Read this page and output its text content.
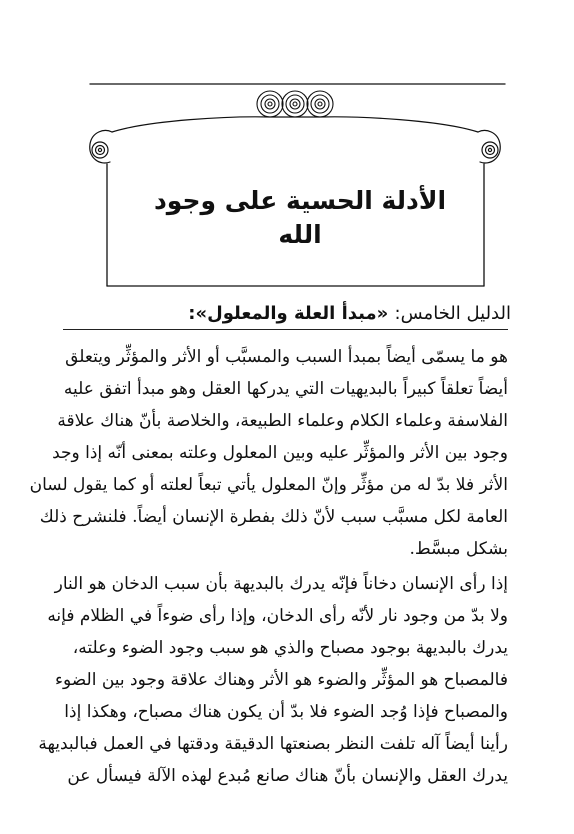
الأدلة الحسية على وجود الله
الدليل الخامس: «مبدأ العلة والمعلول»:
هو ما يسمّى أيضاً بمبدأ السبب والمسبَّب أو الأثر والمؤثِّر ويتعلق
أيضاً تعلقاً كبيراً بالبديهيات التي يدركها العقل وهو مبدأ اتفق عليه
الفلاسفة وعلماء الكلام وعلماء الطبيعة، والخلاصة بأنّ هناك علاقة
وجود بين الأثر والمؤثِّر عليه وبين المعلول وعلته بمعنى أنّه إذا وجد
الأثر فلا بدّ له من مؤثِّر وإنّ المعلول يأتي تبعاً لعلته أو كما يقول لسان
العامة لكل مسبَّب سبب لأنّ ذلك بفطرة الإنسان أيضاً. فلنشرح ذلك
بشكل مبسَّط.
إذا رأى الإنسان دخاناً فإنّه يدرك بالبديهة بأن سبب الدخان هو النار
ولا بدّ من وجود نار لأنّه رأى الدخان، وإذا رأى ضوءاً في الظلام فإنه
يدرك بالبديهة بوجود مصباح والذي هو سبب وجود الضوء وعلته،
فالمصباح هو المؤثِّر والضوء هو الأثر وهناك علاقة وجود بين الضوء
والمصباح فإذا وُجد الضوء فلا بدّ أن يكون هناك مصباح، وهكذا إذا
رأينا أيضاً آله تلفت النظر بصنعتها الدقيقة ودقتها في العمل فبالبديهة
يدرك العقل والإنسان بأنّ هناك صانع مُبدع لهذه الآلة فيسأل عن
